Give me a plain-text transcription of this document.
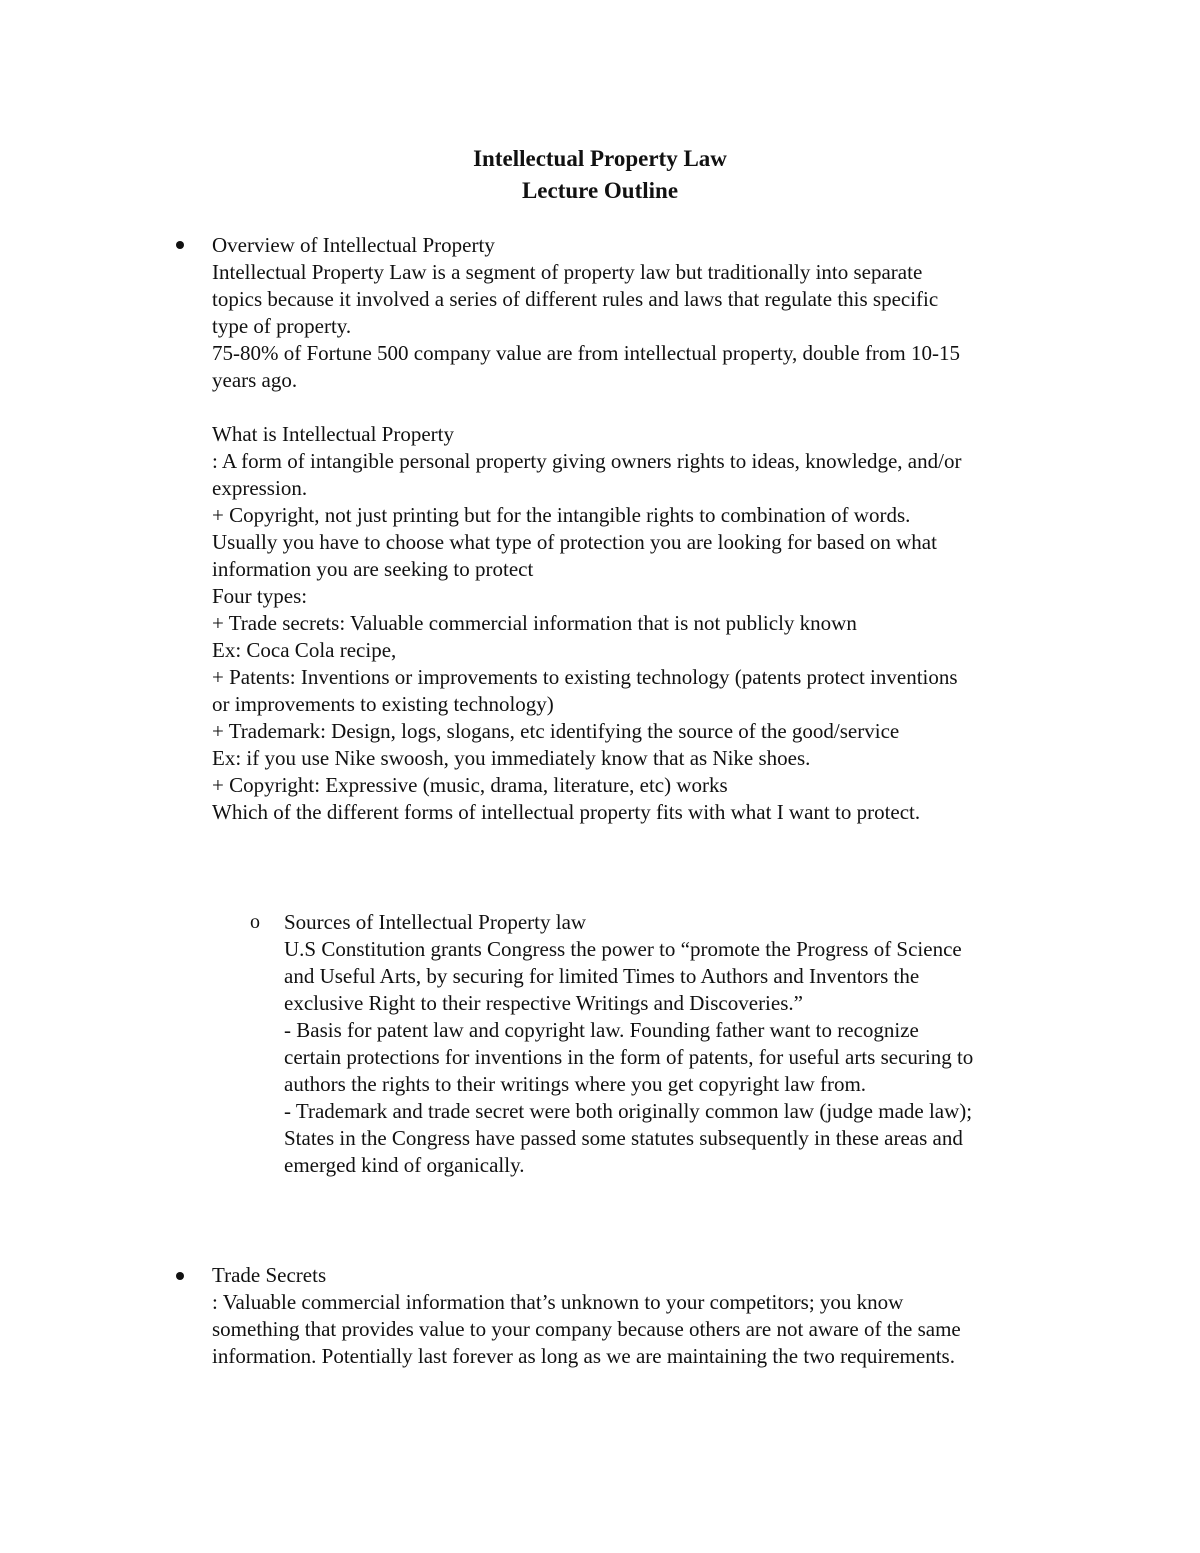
Intellectual Property Law
Lecture Outline
Overview of Intellectual Property
Intellectual Property Law is a segment of property law but traditionally into separate
topics because it involved a series of different rules and laws that regulate this specific
type of property.
75-80% of Fortune 500 company value are from intellectual property, double from 10-15
years ago.
What is Intellectual Property
: A form of intangible personal property giving owners rights to ideas, knowledge, and/or
expression.
+ Copyright, not just printing but for the intangible rights to combination of words.
Usually you have to choose what type of protection you are looking for based on what
information you are seeking to protect
Four types:
+ Trade secrets: Valuable commercial information that is not publicly known
Ex: Coca Cola recipe,
+ Patents: Inventions or improvements to existing technology (patents protect inventions
or improvements to existing technology)
+ Trademark: Design, logs, slogans, etc identifying the source of the good/service
Ex: if you use Nike swoosh, you immediately know that as Nike shoes.
+ Copyright: Expressive (music, drama, literature, etc) works
Which of the different forms of intellectual property fits with what I want to protect.
o Sources of Intellectual Property law
U.S Constitution grants Congress the power to “promote the Progress of Science
and Useful Arts, by securing for limited Times to Authors and Inventors the
exclusive Right to their respective Writings and Discoveries.”
- Basis for patent law and copyright law. Founding father want to recognize
certain protections for inventions in the form of patents, for useful arts securing to
authors the rights to their writings where you get copyright law from.
- Trademark and trade secret were both originally common law (judge made law);
States in the Congress have passed some statutes subsequently in these areas and
emerged kind of organically.
Trade Secrets
: Valuable commercial information that’s unknown to your competitors; you know
something that provides value to your company because others are not aware of the same
information. Potentially last forever as long as we are maintaining the two requirements.
